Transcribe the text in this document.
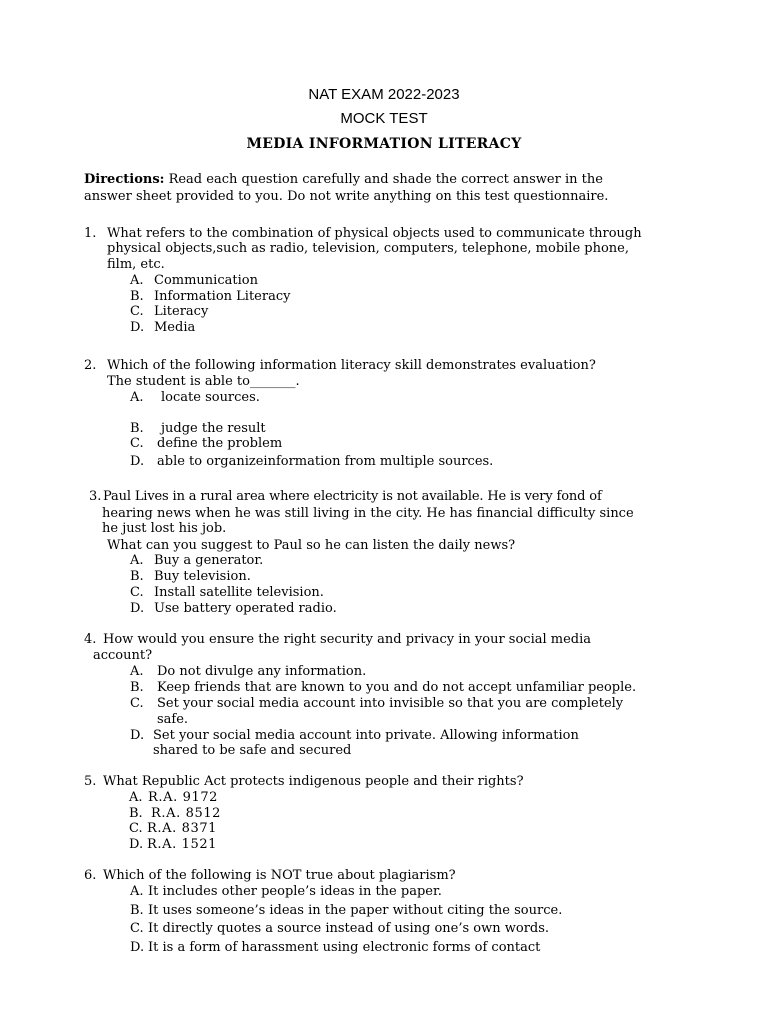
NAT EXAM 2022-2023
MOCK TEST
MEDIA INFORMATION LITERACY
Directions: Read each question carefully and shade the correct answer in the
answer sheet provided to you. Do not write anything on this test questionnaire.
1. What refers to the combination of physical objects used to communicate through
physical objects,such as radio, television, computers, telephone, mobile phone,
film, etc.
A. Communication
B. Information Literacy
C. Literacy
D. Media
2. Which of the following information literacy skill demonstrates evaluation?
The student is able to_______.
A. locate sources.
B. judge the result
C. define the problem
D. able to organizeinformation from multiple sources.
3. Paul Lives in a rural area where electricity is not available. He is very fond of
hearing news when he was still living in the city. He has financial difficulty since
he just lost his job.
What can you suggest to Paul so he can listen the daily news?
A. Buy a generator.
B. Buy television.
C. Install satellite television.
D. Use battery operated radio.
4. How would you ensure the right security and privacy in your social media
account?
A. Do not divulge any information.
B. Keep friends that are known to you and do not accept unfamiliar people.
C. Set your social media account into invisible so that you are completely
safe.
D. Set your social media account into private. Allowing information
shared to be safe and secured
5. What Republic Act protects indigenous people and their rights?
A. R.A. 9172
B. R.A. 8512
C. R.A. 8371
D. R.A. 1521
6. Which of the following is NOT true about plagiarism?
A. It includes other people’s ideas in the paper.
B. It uses someone’s ideas in the paper without citing the source.
C. It directly quotes a source instead of using one’s own words.
D. It is a form of harassment using electronic forms of contact
